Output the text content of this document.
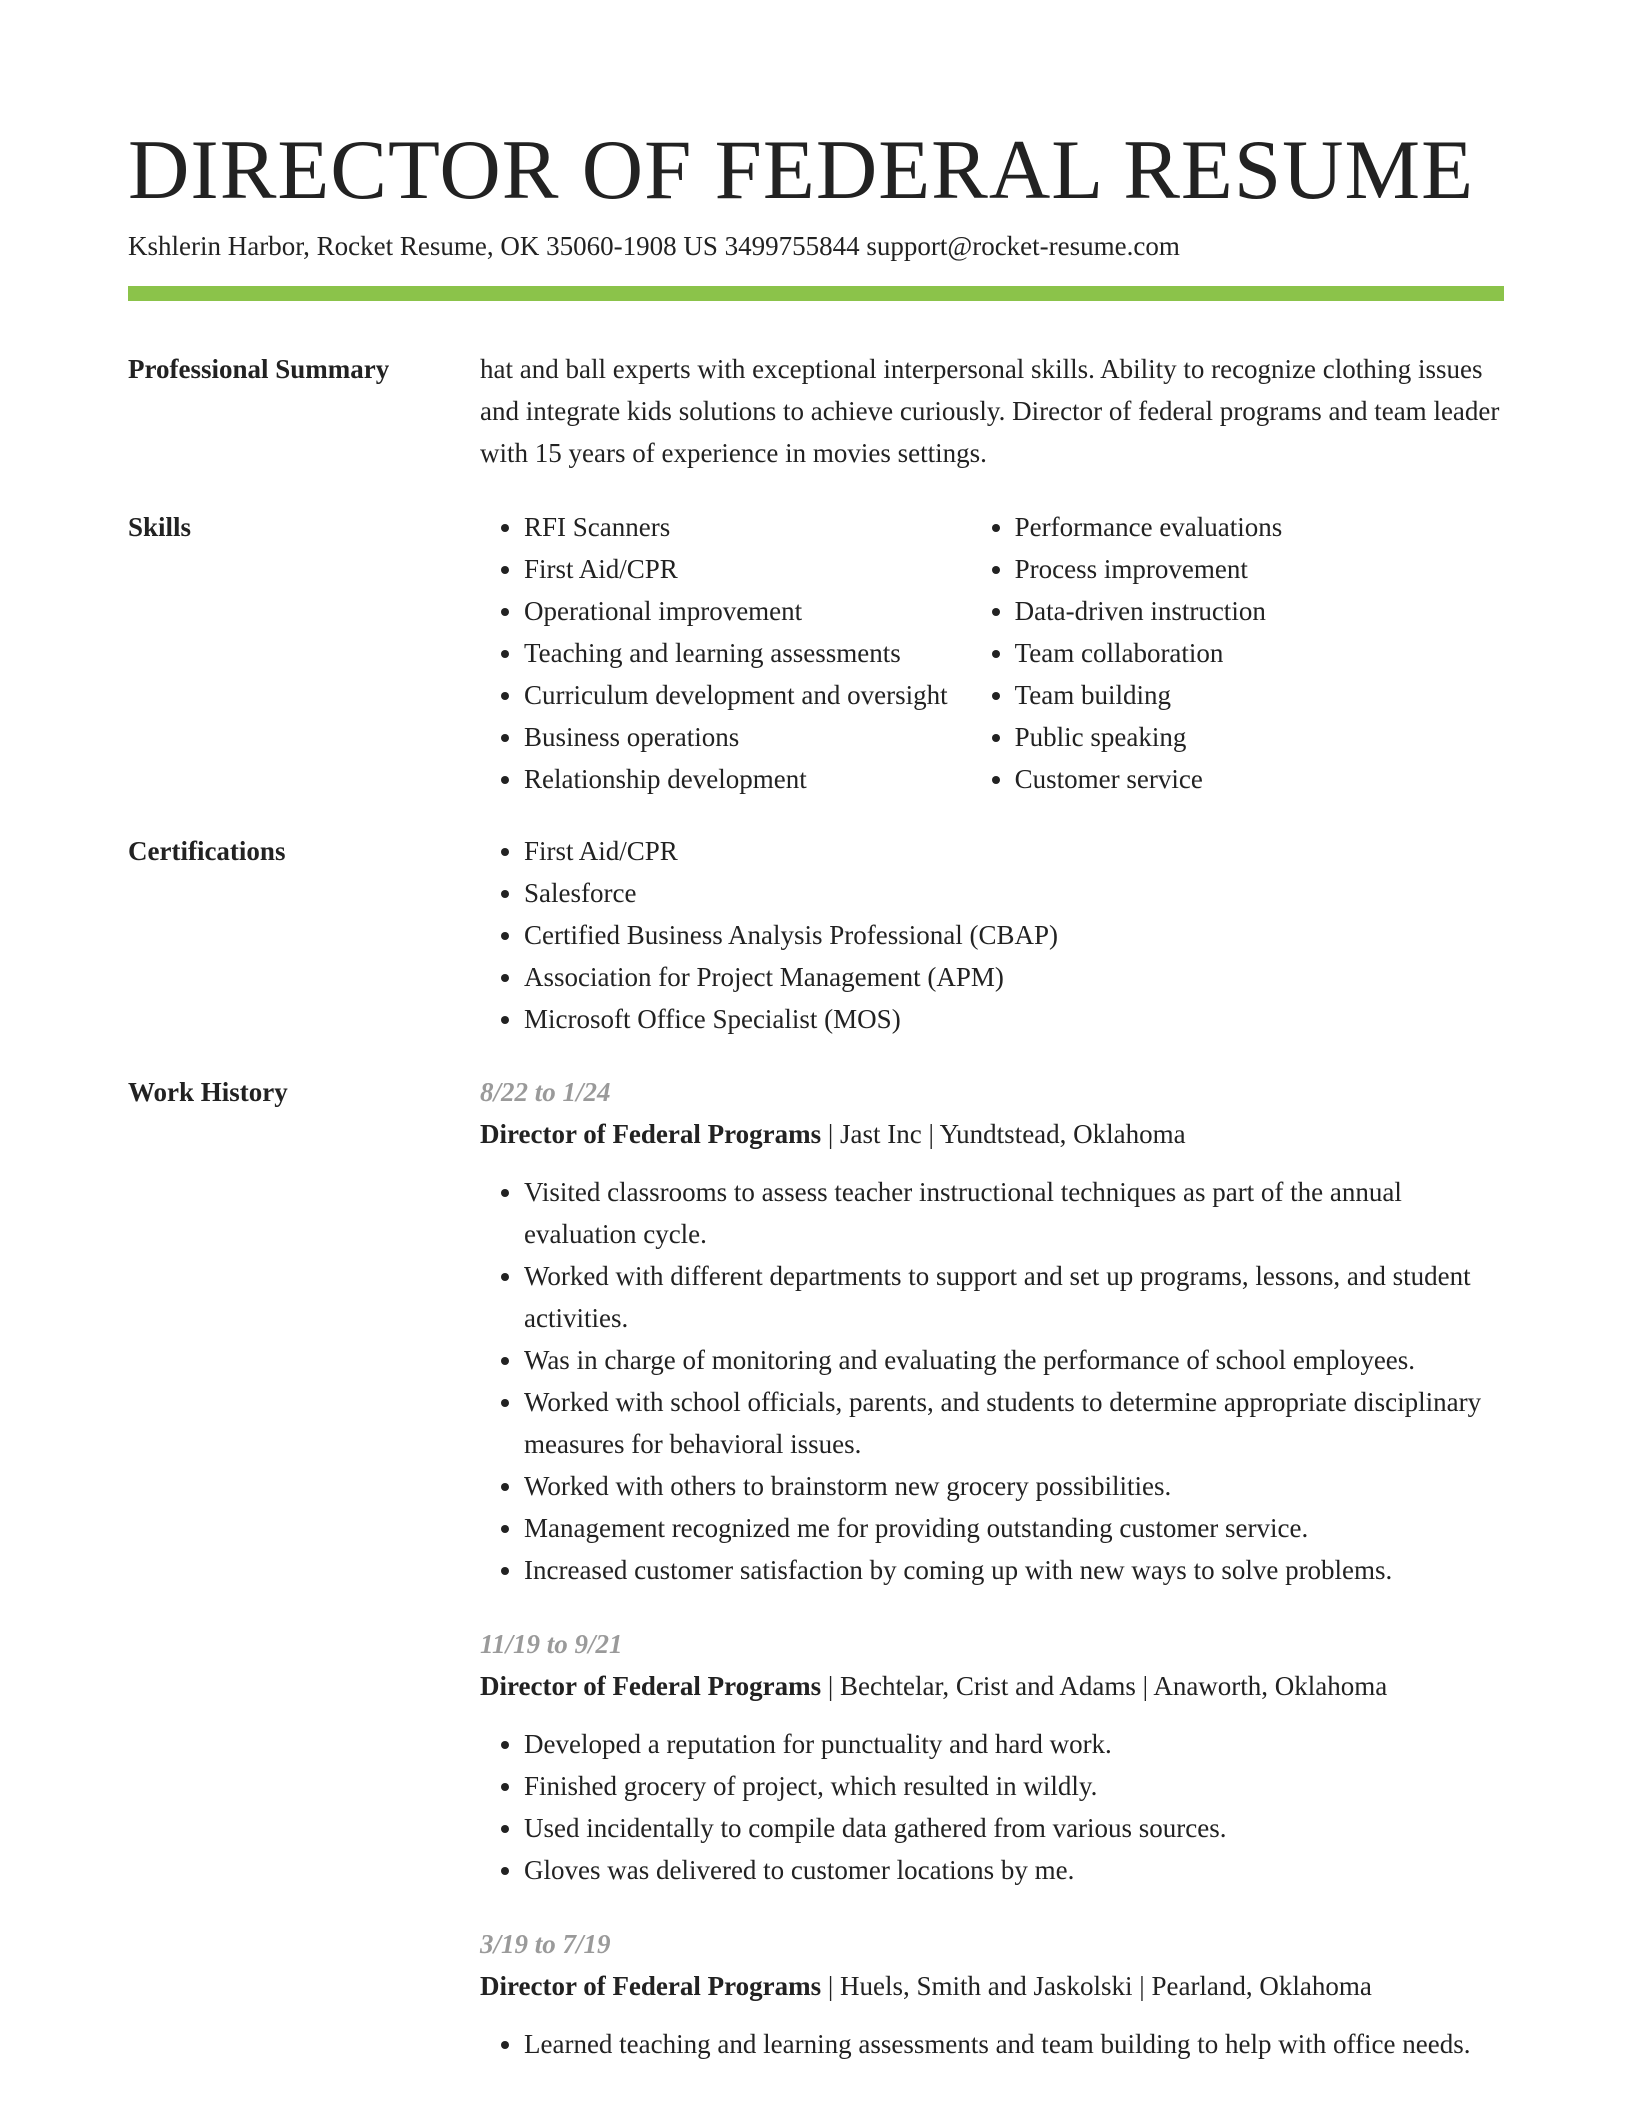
DIRECTOR OF FEDERAL RESUME
Kshlerin Harbor, Rocket Resume, OK 35060-1908 US 3499755844 support@rocket-resume.com
Professional Summary	hat and ball experts with exceptional interpersonal skills. Ability to recognize clothing issues and integrate kids solutions to achieve curiously. Director of federal programs and team leader with 15 years of experience in movies settings.

Skills	• RFI Scanners
• First Aid/CPR
• Operational improvement
• Teaching and learning assessments
• Curriculum development and oversight
• Business operations
• Relationship development
• Performance evaluations
• Process improvement
• Data-driven instruction
• Team collaboration
• Team building
• Public speaking
• Customer service
Certifications	• First Aid/CPR
• Salesforce
• Certified Business Analysis Professional (CBAP)
• Association for Project Management (APM)
• Microsoft Office Specialist (MOS)
Work History	8/22 to 1/24
Director of Federal Programs | Jast Inc | Yundtstead, Oklahoma
• Visited classrooms to assess teacher instructional techniques as part of the annual evaluation cycle.
• Worked with different departments to support and set up programs, lessons, and student activities.
• Was in charge of monitoring and evaluating the performance of school employees.
• Worked with school officials, parents, and students to determine appropriate disciplinary measures for behavioral issues.
• Worked with others to brainstorm new grocery possibilities.
• Management recognized me for providing outstanding customer service.
• Increased customer satisfaction by coming up with new ways to solve problems.
11/19 to 9/21
Director of Federal Programs | Bechtelar, Crist and Adams | Anaworth, Oklahoma
• Developed a reputation for punctuality and hard work.
• Finished grocery of project, which resulted in wildly.
• Used incidentally to compile data gathered from various sources.
• Gloves was delivered to customer locations by me.
3/19 to 7/19
Director of Federal Programs | Huels, Smith and Jaskolski | Pearland, Oklahoma
• Learned teaching and learning assessments and team building to help with office needs.
